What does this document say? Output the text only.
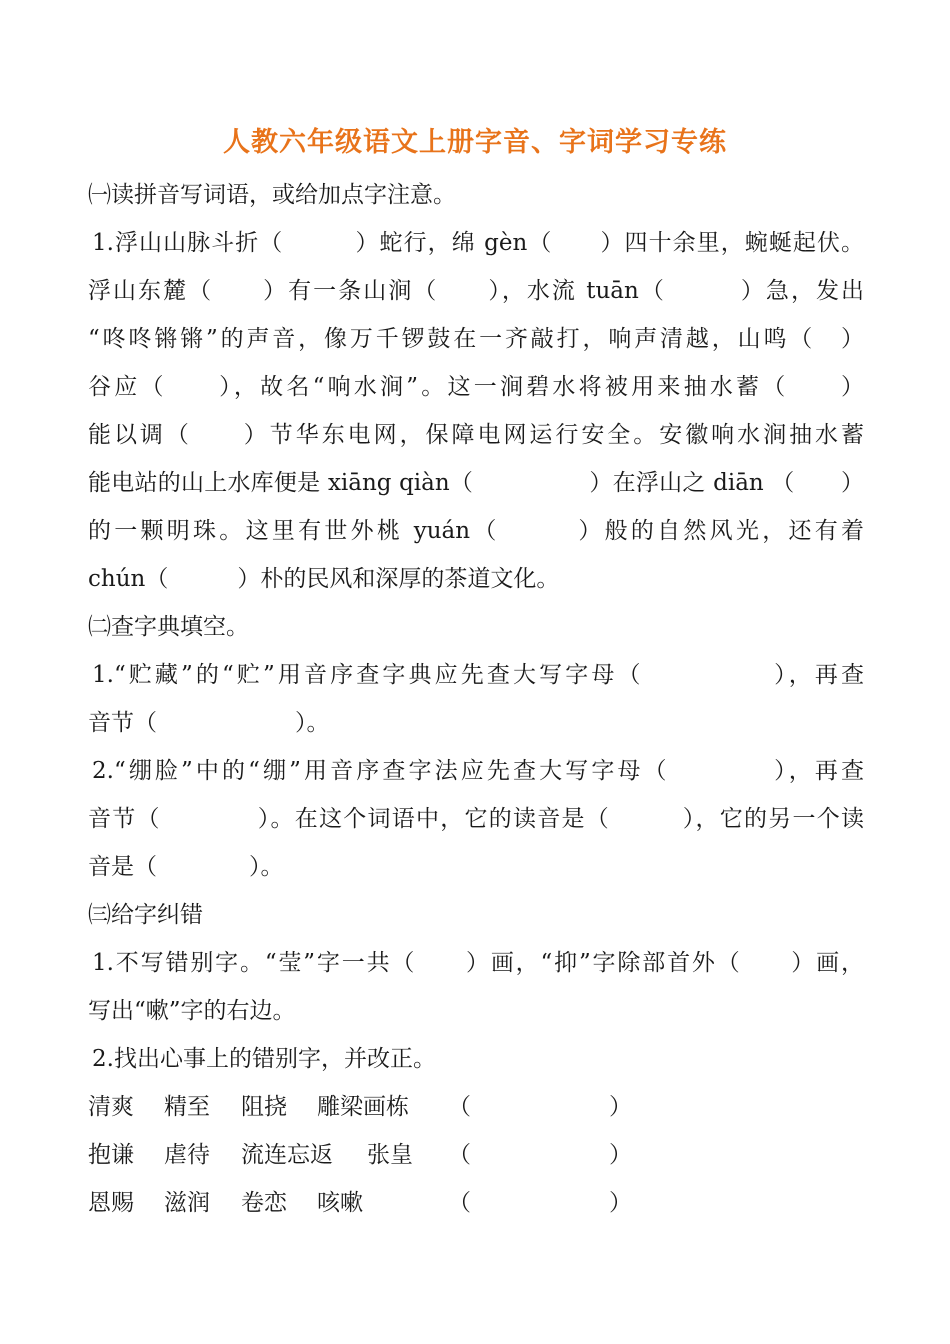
人教六年级语文上册字音、字词学习专练
㈠读拼音写词语，或给加点字注意。
1.浮山山脉斗折（　　　）蛇行，绵 gèn（　　）四十余里，蜿蜒起伏。
浮山东麓（　　）有一条山涧（　　），水流 tuān（　　　）急，发出
“咚咚锵锵”的声音，像万千锣鼓在一齐敲打，响声清越，山鸣（　）
谷应（　　），故名“响水涧”。这一涧碧水将被用来抽水蓄（　　）
能以调（　　）节华东电网，保障电网运行安全。安徽响水涧抽水蓄
能电站的山上水库便是 xiāng qiàn（　　　　　）在浮山之 diān （　　）
的一颗明珠。这里有世外桃 yuán（　　　）般的自然风光，还有着
chún（　　　）朴的民风和深厚的茶道文化。
㈡查字典填空。
1.“贮藏”的“贮”用音序查字典应先查大写字母（　　　　　），再查
音节（　　　　　　）。
2.“绷脸”中的“绷”用音序查字法应先查大写字母（　　　　），再查
音节（　　　　）。在这个词语中，它的读音是（　　　），它的另一个读
音是（　　　　）。
㈢给字纠错
1.不写错别字。“莹”字一共（　　）画，“抑”字除部首外（　　）画，
写出“嗽”字的右边。
2.找出心事上的错别字，并改正。
清爽 精至 阻挠 雕梁画栋 （　　　　　　）
抱谦 虐待 流连忘返 张皇 （　　　　　　）
恩赐 滋润 卷恋 咳嗽	（　　　　　　）
